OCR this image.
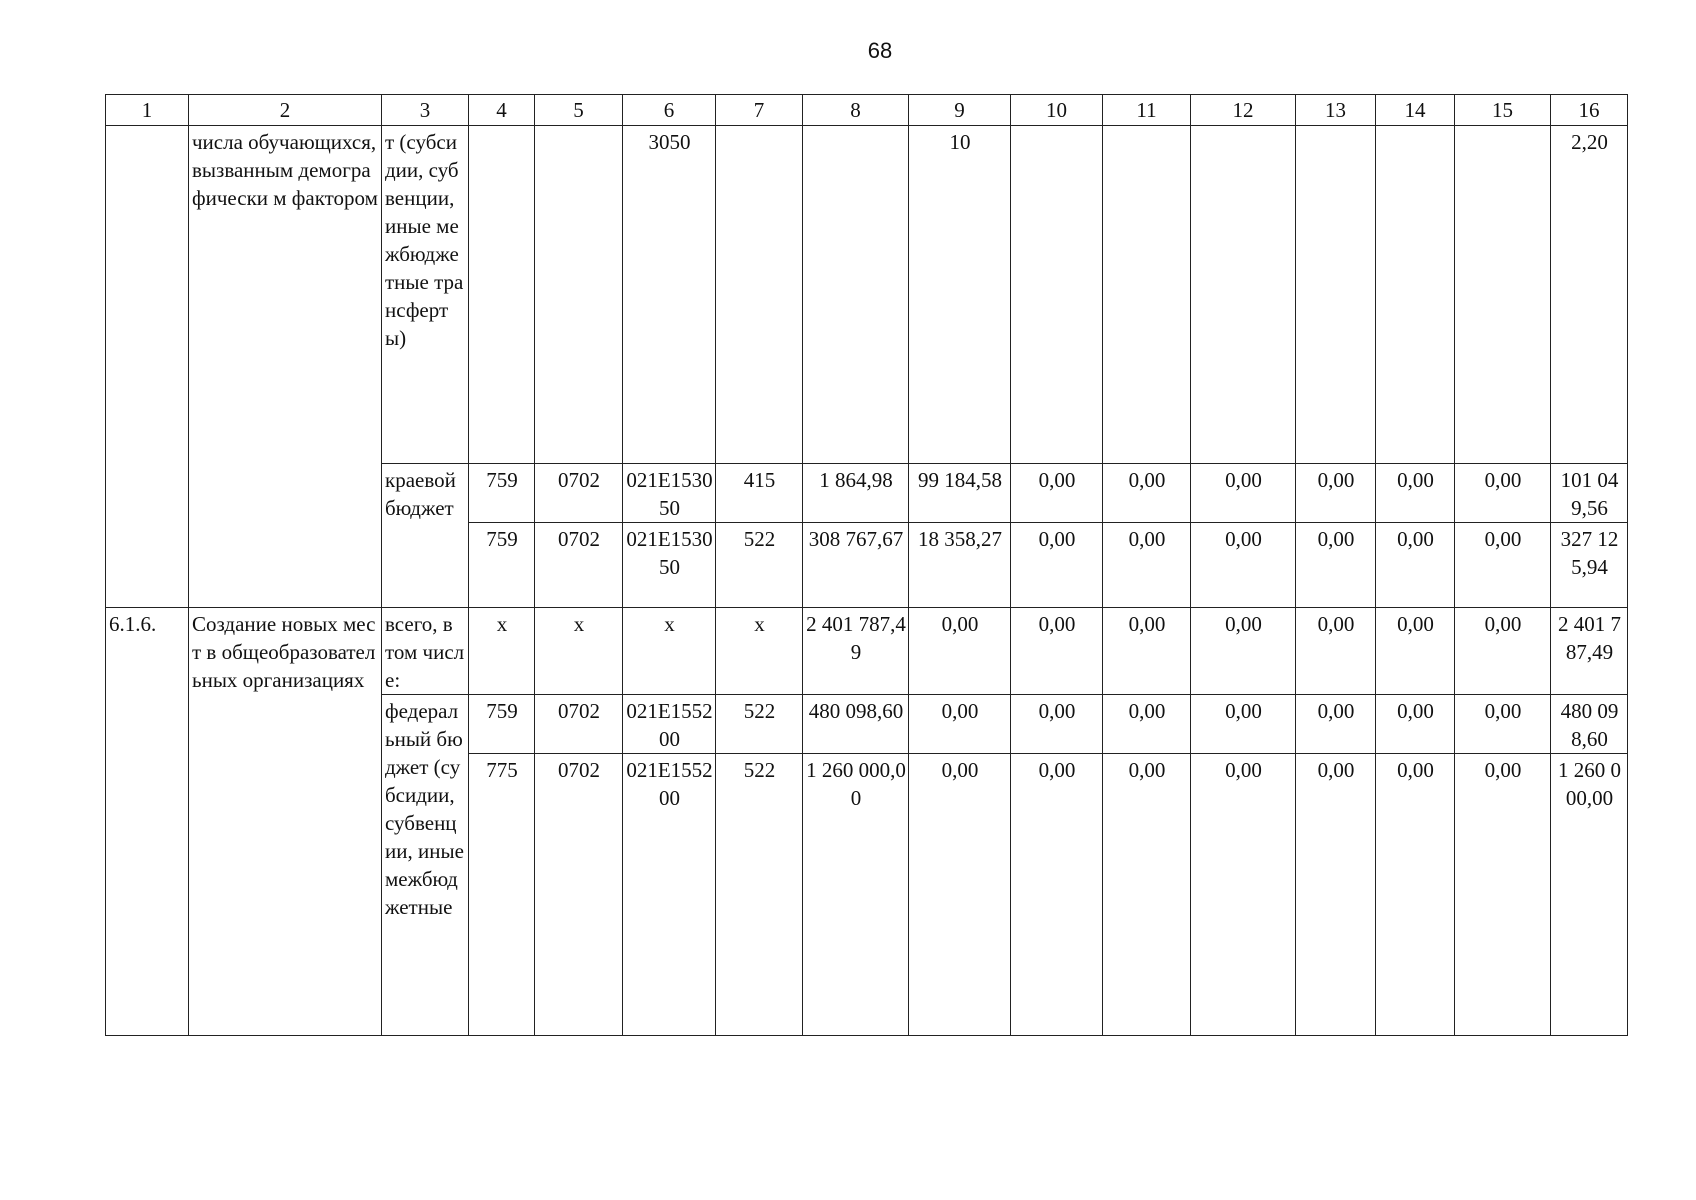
68
1	2	3	4	5	6	7	8	9	10	11	12	13	14	15	16
	числа обучающихся, вызванным демографически м фактором	т (субсидии, субвенции, иные межбюджетные трансферты)			3050			10							2,20
		краевой бюджет	759	0702	021E153050	415	1 864,98	99 184,58	0,00	0,00	0,00	0,00	0,00	0,00	101 049,56
			759	0702	021E153050	522	308 767,67	18 358,27	0,00	0,00	0,00	0,00	0,00	0,00	327 125,94
6.1.6.	Создание новых мест в общеобразовательных организациях	всего, в том числе:	х	х	х	х	2 401 787,49	0,00	0,00	0,00	0,00	0,00	0,00	0,00	2 401 787,49
		федеральный бюджет (субсидии, субвенции, иные межбюджетные	759	0702	021E155200	522	480 098,60	0,00	0,00	0,00	0,00	0,00	0,00	0,00	480 098,60
			775	0702	021E155200	522	1 260 000,00	0,00	0,00	0,00	0,00	0,00	0,00	0,00	1 260 000,00
